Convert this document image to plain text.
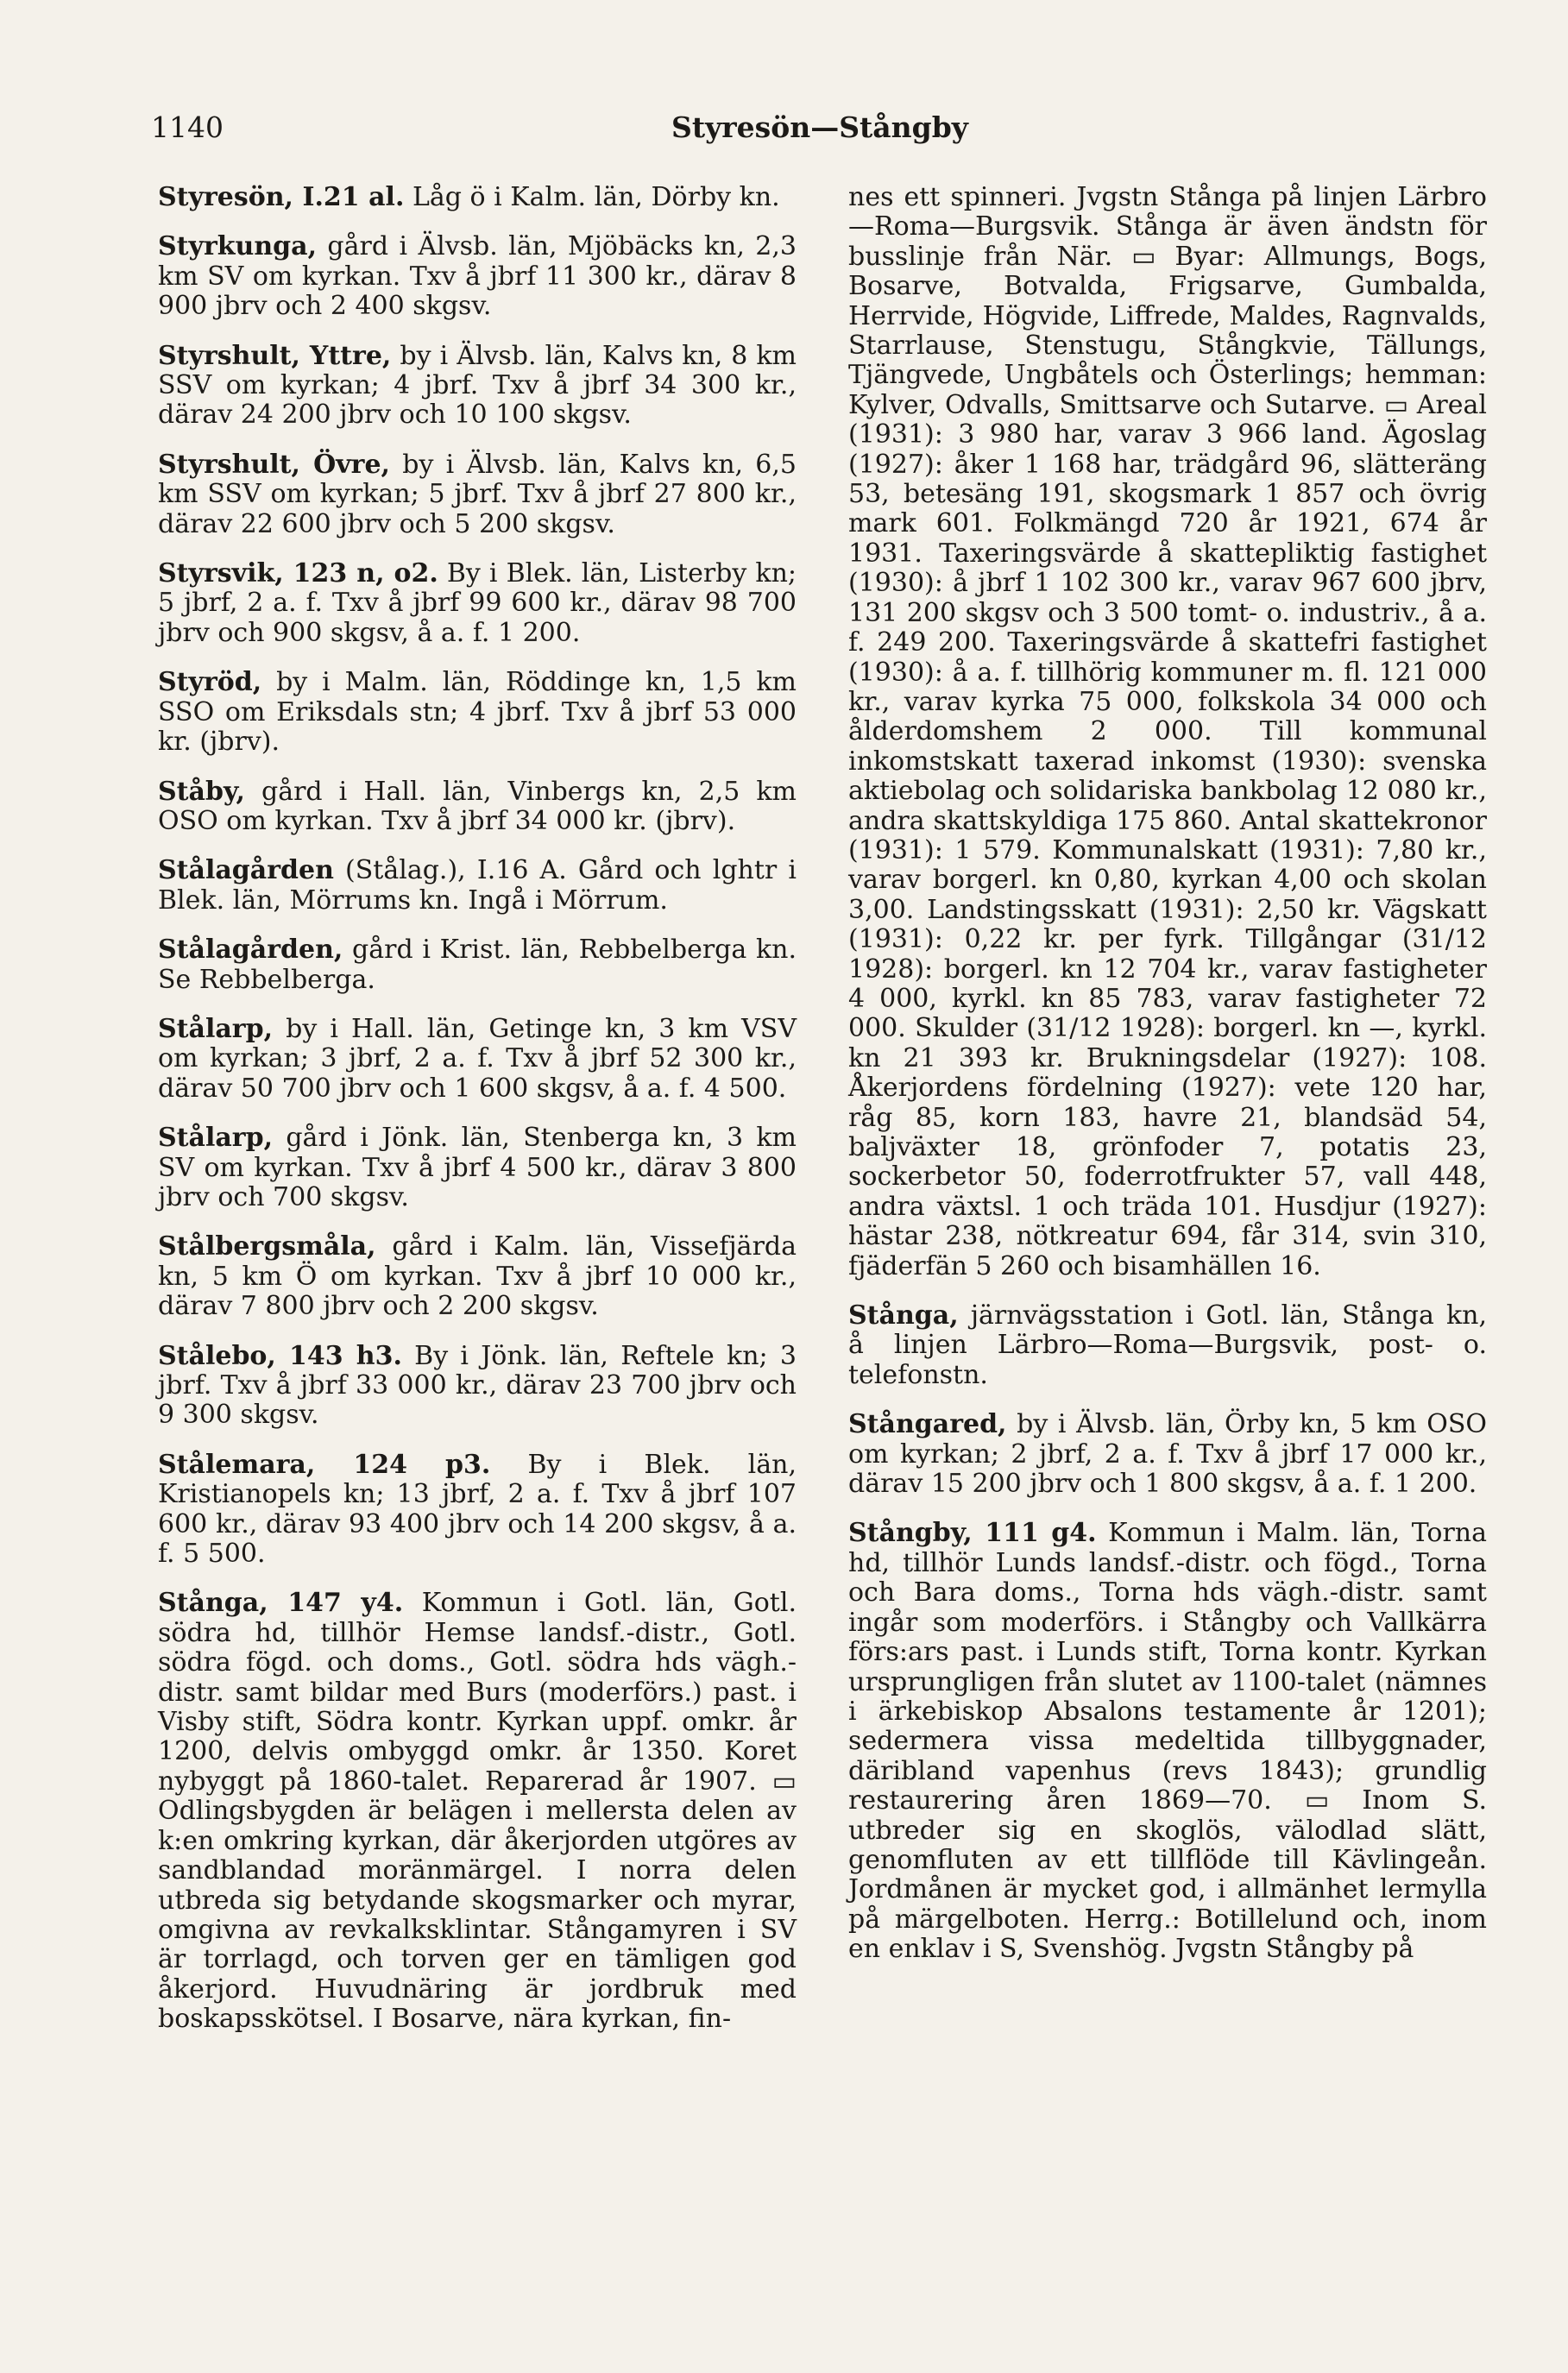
1140	Styresön—Stångby

Styresön, I.21 al. Låg ö i Kalm. län, Dörby kn.

Styrkunga, gård i Älvsb. län, Mjöbäcks kn, 2,3 km SV om kyrkan. Txv å jbrf 11 300 kr., därav 8 900 jbrv och 2 400 skgsv.

Styrshult, Yttre, by i Älvsb. län, Kalvs kn, 8 km SSV om kyrkan; 4 jbrf. Txv å jbrf 34 300 kr., därav 24 200 jbrv och 10 100 skgsv.

Styrshult, Övre, by i Älvsb. län, Kalvs kn, 6,5 km SSV om kyrkan; 5 jbrf. Txv å jbrf 27 800 kr., därav 22 600 jbrv och 5 200 skgsv.

Styrsvik, 123 n, o2. By i Blek. län, Listerby kn; 5 jbrf, 2 a. f. Txv å jbrf 99 600 kr., därav 98 700 jbrv och 900 skgsv, å a. f. 1 200.

Styröd, by i Malm. län, Röddinge kn, 1,5 km SSO om Eriksdals stn; 4 jbrf. Txv å jbrf 53 000 kr. (jbrv).

Ståby, gård i Hall. län, Vinbergs kn, 2,5 km OSO om kyrkan. Txv å jbrf 34 000 kr. (jbrv).

Stålagården (Stålag.), I.16 A. Gård och lghtr i Blek. län, Mörrums kn. Ingå i Mörrum.

Stålagården, gård i Krist. län, Rebbelberga kn. Se Rebbelberga.

Stålarp, by i Hall. län, Getinge kn, 3 km VSV om kyrkan; 3 jbrf, 2 a. f. Txv å jbrf 52 300 kr., därav 50 700 jbrv och 1 600 skgsv, å a. f. 4 500.

Stålarp, gård i Jönk. län, Stenberga kn, 3 km SV om kyrkan. Txv å jbrf 4 500 kr., därav 3 800 jbrv och 700 skgsv.

Stålbergsmåla, gård i Kalm. län, Vissefjärda kn, 5 km Ö om kyrkan. Txv å jbrf 10 000 kr., därav 7 800 jbrv och 2 200 skgsv.

Stålebo, 143 h3. By i Jönk. län, Reftele kn; 3 jbrf. Txv å jbrf 33 000 kr., därav 23 700 jbrv och 9 300 skgsv.

Stålemara, 124 p3. By i Blek. län, Kristianopels kn; 13 jbrf, 2 a. f. Txv å jbrf 107 600 kr., därav 93 400 jbrv och 14 200 skgsv, å a. f. 5 500.

Stånga, 147 y4. Kommun i Gotl. län, Gotl. södra hd, tillhör Hemse landsf.-distr., Gotl. södra fögd. och doms., Gotl. södra hds vägh.-distr. samt bildar med Burs (moderförs.) past. i Visby stift, Södra kontr. Kyrkan uppf. omkr. år 1200, delvis ombyggd omkr. år 1350. Koret nybyggt på 1860-talet. Reparerad år 1907. ▭ Odlingsbygden är belägen i mellersta delen av k:en omkring kyrkan, där åkerjorden utgöres av sandblandad moränmärgel. I norra delen utbreda sig betydande skogsmarker och myrar, omgivna av revkalksklintar. Stångamyren i SV är torrlagd, och torven ger en tämligen god åkerjord. Huvudnäring är jordbruk med boskapsskötsel. I Bosarve, nära kyrkan, fin-

nes ett spinneri. Jvgstn Stånga på linjen Lärbro—Roma—Burgsvik. Stånga är även ändstn för busslinje från När. ▭ Byar: Allmungs, Bogs, Bosarve, Botvalda, Frigsarve, Gumbalda, Herrvide, Högvide, Liffrede, Maldes, Ragnvalds, Starrlause, Stenstugu, Stångkvie, Tällungs, Tjängvede, Ungbåtels och Österlings; hemman: Kylver, Odvalls, Smittsarve och Sutarve. ▭ Areal (1931): 3 980 har, varav 3 966 land. Ägoslag (1927): åker 1 168 har, trädgård 96, slätteräng 53, betesäng 191, skogsmark 1 857 och övrig mark 601. Folkmängd 720 år 1921, 674 år 1931. Taxeringsvärde å skattepliktig fastighet (1930): å jbrf 1 102 300 kr., varav 967 600 jbrv, 131 200 skgsv och 3 500 tomt- o. industriv., å a. f. 249 200. Taxeringsvärde å skattefri fastighet (1930): å a. f. tillhörig kommuner m. fl. 121 000 kr., varav kyrka 75 000, folkskola 34 000 och ålderdomshem 2 000. Till kommunal inkomstskatt taxerad inkomst (1930): svenska aktiebolag och solidariska bankbolag 12 080 kr., andra skattskyldiga 175 860. Antal skattekronor (1931): 1 579. Kommunalskatt (1931): 7,80 kr., varav borgerl. kn 0,80, kyrkan 4,00 och skolan 3,00. Landstingsskatt (1931): 2,50 kr. Vägskatt (1931): 0,22 kr. per fyrk. Tillgångar (31/12 1928): borgerl. kn 12 704 kr., varav fastigheter 4 000, kyrkl. kn 85 783, varav fastigheter 72 000. Skulder (31/12 1928): borgerl. kn —, kyrkl. kn 21 393 kr. Brukningsdelar (1927): 108. Åkerjordens fördelning (1927): vete 120 har, råg 85, korn 183, havre 21, blandsäd 54, baljväxter 18, grönfoder 7, potatis 23, sockerbetor 50, foderrotfrukter 57, vall 448, andra växtsl. 1 och träda 101. Husdjur (1927): hästar 238, nötkreatur 694, får 314, svin 310, fjäderfän 5 260 och bisamhällen 16.

Stånga, järnvägsstation i Gotl. län, Stånga kn, å linjen Lärbro—Roma—Burgsvik, post- o. telefonstn.

Stångared, by i Älvsb. län, Örby kn, 5 km OSO om kyrkan; 2 jbrf, 2 a. f. Txv å jbrf 17 000 kr., därav 15 200 jbrv och 1 800 skgsv, å a. f. 1 200.

Stångby, 111 g4. Kommun i Malm. län, Torna hd, tillhör Lunds landsf.-distr. och fögd., Torna och Bara doms., Torna hds vägh.-distr. samt ingår som moderförs. i Stångby och Vallkärra förs:ars past. i Lunds stift, Torna kontr. Kyrkan ursprungligen från slutet av 1100-talet (nämnes i ärkebiskop Absalons testamente år 1201); sedermera vissa medeltida tillbyggnader, däribland vapenhus (revs 1843); grundlig restaurering åren 1869—70. ▭ Inom S. utbreder sig en skoglös, välodlad slätt, genomfluten av ett tillflöde till Kävlingeån. Jordmånen är mycket god, i allmänhet lermylla på märgelboten. Herrg.: Botillelund och, inom en enklav i S, Svenshög. Jvgstn Stångby på
